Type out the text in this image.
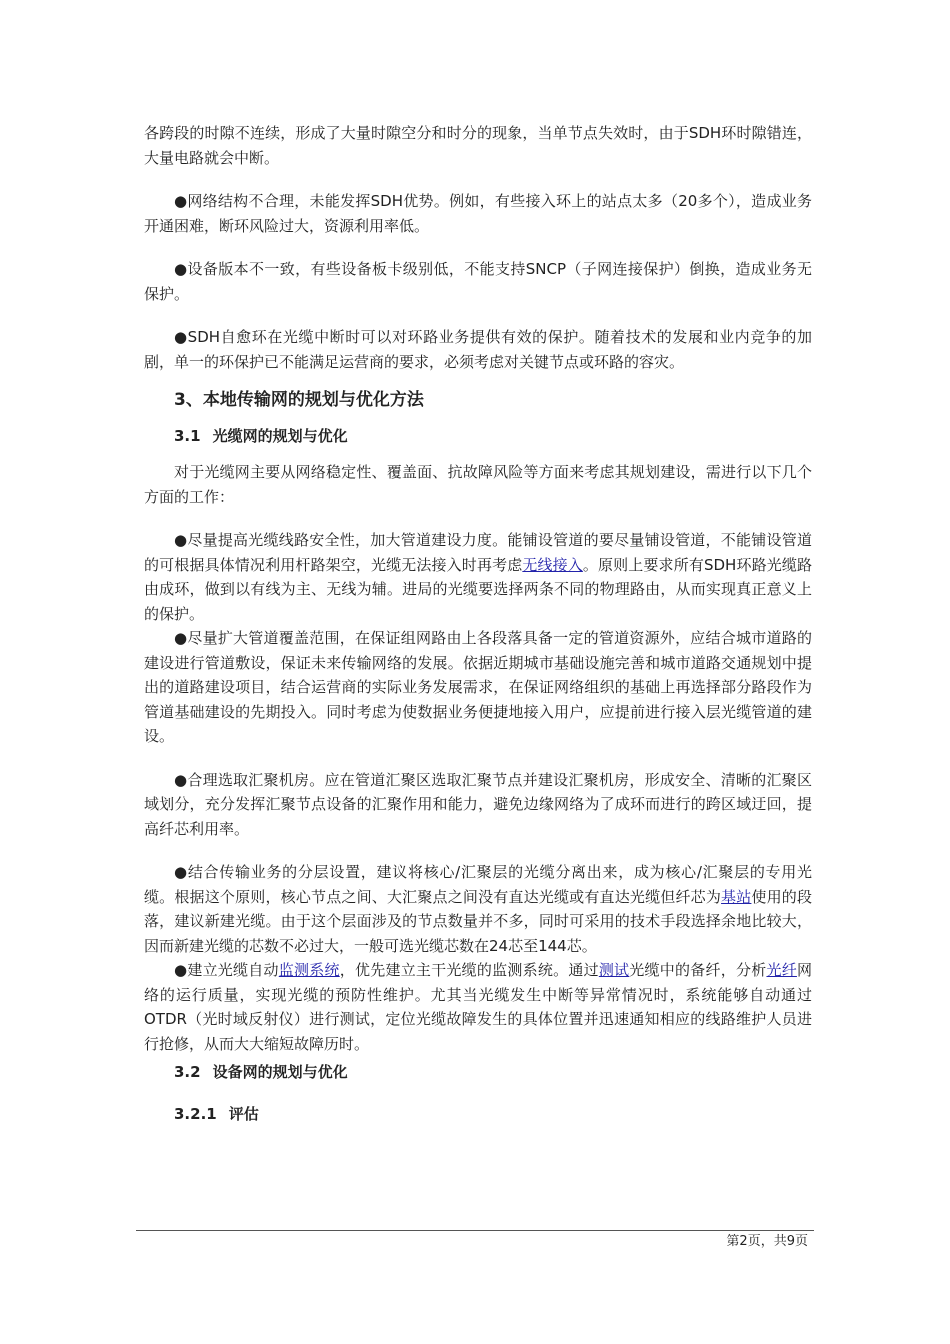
各跨段的时隙不连续，形成了大量时隙空分和时分的现象，当单节点失效时，由于SDH环时隙错连，大量电路就会中断。

●网络结构不合理，未能发挥SDH优势。例如，有些接入环上的站点太多（20多个），造成业务开通困难，断环风险过大，资源利用率低。

●设备版本不一致，有些设备板卡级别低，不能支持SNCP（子网连接保护）倒换，造成业务无保护。

●SDH自愈环在光缆中断时可以对环路业务提供有效的保护。随着技术的发展和业内竞争的加剧，单一的环保护已不能满足运营商的要求，必须考虑对关键节点或环路的容灾。

3、本地传输网的规划与优化方法
3.1 光缆网的规划与优化

对于光缆网主要从网络稳定性、覆盖面、抗故障风险等方面来考虑其规划建设，需进行以下几个方面的工作：

●尽量提高光缆线路安全性，加大管道建设力度。能铺设管道的要尽量铺设管道，不能铺设管道的可根据具体情况利用杆路架空，光缆无法接入时再考虑无线接入。原则上要求所有SDH环路光缆路由成环，做到以有线为主、无线为辅。进局的光缆要选择两条不同的物理路由，从而实现真正意义上的保护。

●尽量扩大管道覆盖范围，在保证组网路由上各段落具备一定的管道资源外，应结合城市道路的建设进行管道敷设，保证未来传输网络的发展。依据近期城市基础设施完善和城市道路交通规划中提出的道路建设项目，结合运营商的实际业务发展需求，在保证网络组织的基础上再选择部分路段作为管道基础建设的先期投入。同时考虑为使数据业务便捷地接入用户，应提前进行接入层光缆管道的建设。

●合理选取汇聚机房。应在管道汇聚区选取汇聚节点并建设汇聚机房，形成安全、清晰的汇聚区域划分，充分发挥汇聚节点设备的汇聚作用和能力，避免边缘网络为了成环而进行的跨区域迂回，提高纤芯利用率。

●结合传输业务的分层设置，建议将核心/汇聚层的光缆分离出来，成为核心/汇聚层的专用光缆。根据这个原则，核心节点之间、大汇聚点之间没有直达光缆或有直达光缆但纤芯为基站使用的段落，建议新建光缆。由于这个层面涉及的节点数量并不多，同时可采用的技术手段选择余地比较大，因而新建光缆的芯数不必过大，一般可选光缆芯数在24芯至144芯。

●建立光缆自动监测系统，优先建立主干光缆的监测系统。通过测试光缆中的备纤，分析光纤网络的运行质量，实现光缆的预防性维护。尤其当光缆发生中断等异常情况时，系统能够自动通过OTDR（光时域反射仪）进行测试，定位光缆故障发生的具体位置并迅速通知相应的线路维护人员进行抢修，从而大大缩短故障历时。

3.2 设备网的规划与优化
3.2.1 评估
第2页，共9页
